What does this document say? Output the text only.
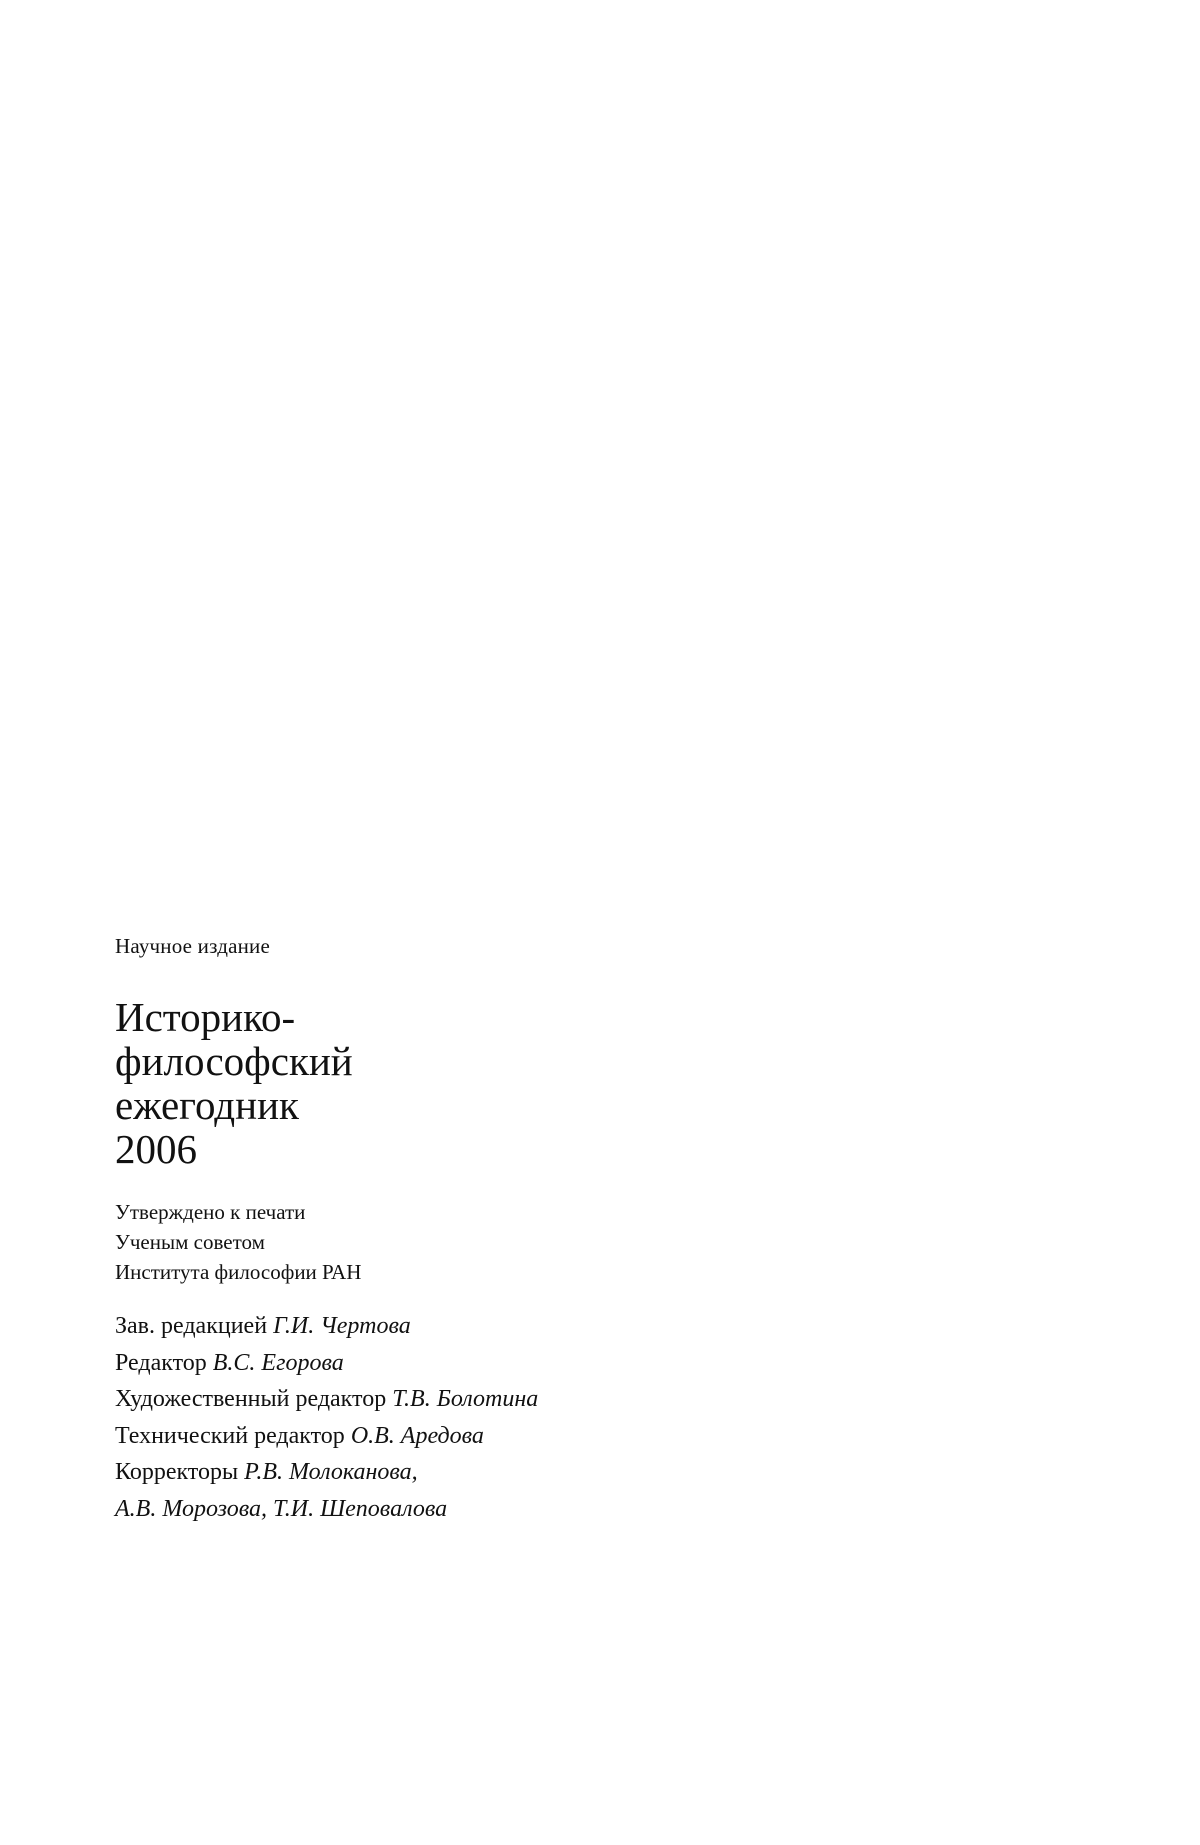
Научное издание
Историко-
философский
ежегодник
2006
Утверждено к печати
Ученым советом
Института философии РАН
Зав. редакцией Г.И. Чертова
Редактор В.С. Егорова
Художественный редактор Т.В. Болотина
Технический редактор О.В. Аредова
Корректоры Р.В. Молоканова,
А.В. Морозова, Т.И. Шеповалова
